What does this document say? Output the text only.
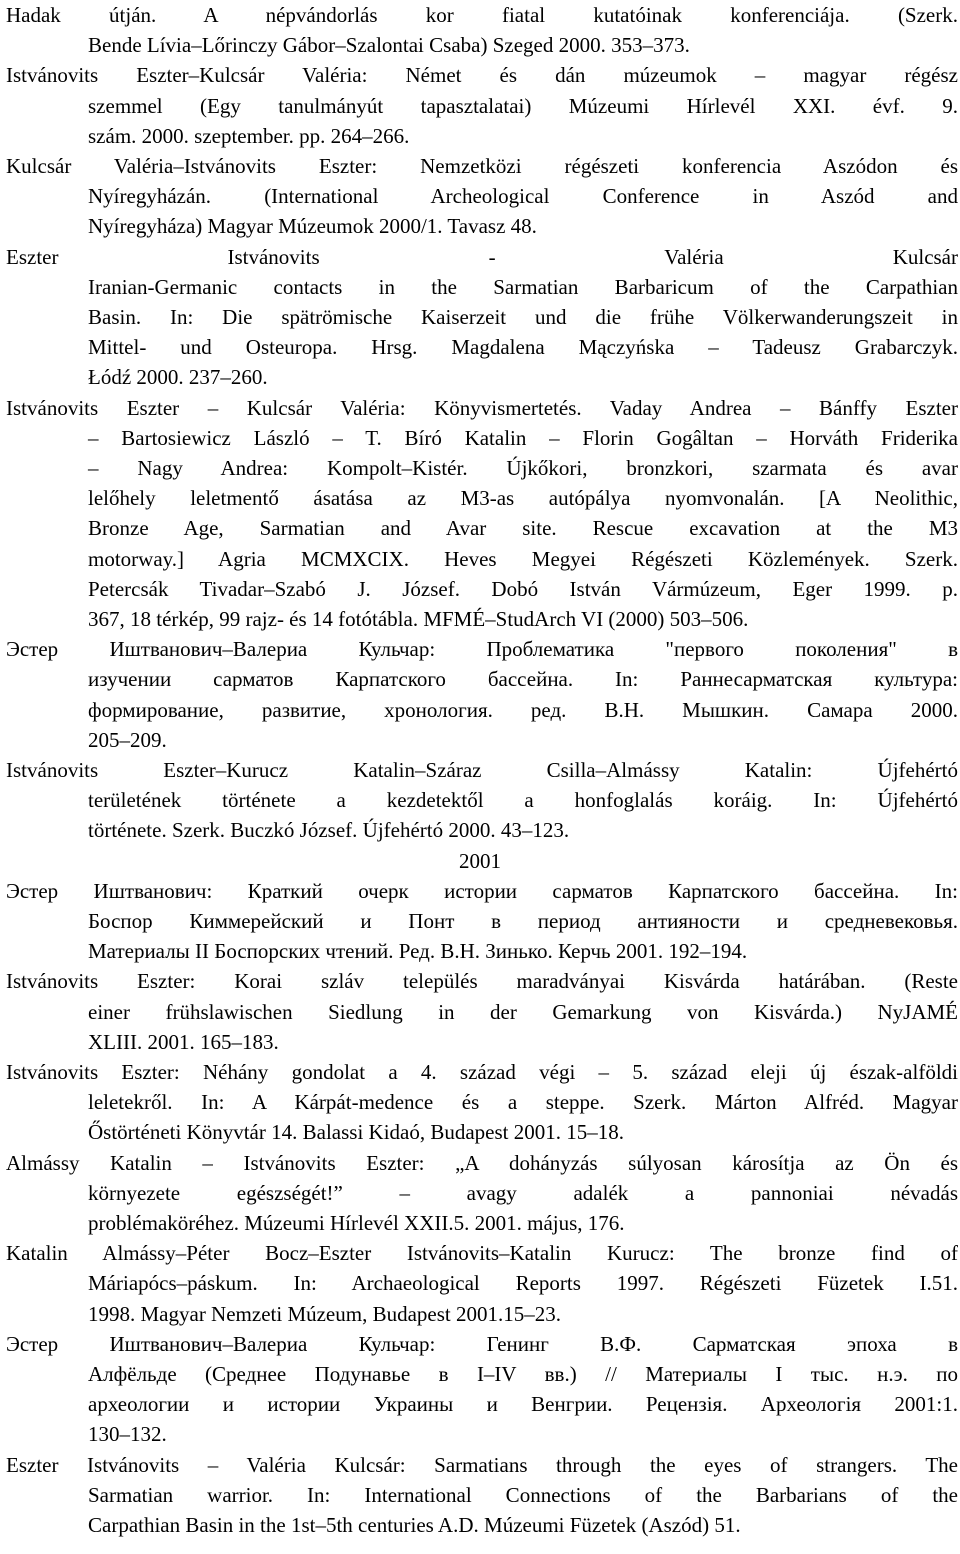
Hadak útján. A népvándorlás kor fiatal kutatóinak konferenciája. (Szerk.
Bende Lívia–Lőrinczy Gábor–Szalontai Csaba) Szeged 2000. 353–373.
Istvánovits Eszter–Kulcsár Valéria: Német és dán múzeumok – magyar régész
szemmel (Egy tanulmányút tapasztalatai) Múzeumi Hírlevél XXI. évf. 9.
szám. 2000. szeptember. pp. 264–266.
Kulcsár Valéria–Istvánovits Eszter: Nemzetközi régészeti konferencia Aszódon és
Nyíregyházán. (International Archeological Conference in Aszód and
Nyíregyháza) Magyar Múzeumok 2000/1. Tavasz 48.
Eszter Istvánovits - Valéria Kulcsár
Iranian-Germanic contacts in the Sarmatian Barbaricum of the Carpathian
Basin. In: Die spätrömische Kaiserzeit und die frühe Völkerwanderungszeit in
Mittel- und Osteuropa. Hrsg. Magdalena Mączyńska – Tadeusz Grabarczyk.
Łódź 2000. 237–260.
Istvánovits Eszter – Kulcsár Valéria: Könyvismertetés. Vaday Andrea – Bánffy Eszter
– Bartosiewicz László – T. Bíró Katalin – Florin Gogâltan – Horváth Friderika
– Nagy Andrea: Kompolt–Kistér. Újkőkori, bronzkori, szarmata és avar
lelőhely leletmentő ásatása az M3-as autópálya nyomvonalán. [A Neolithic,
Bronze Age, Sarmatian and Avar site. Rescue excavation at the M3
motorway.] Agria MCMXCIX. Heves Megyei Régészeti Közlemények. Szerk.
Petercsák Tivadar–Szabó J. József. Dobó István Vármúzeum, Eger 1999. p.
367, 18 térkép, 99 rajz- és 14 fotótábla. MFMÉ–StudArch VI (2000) 503–506.
Эстер Иштванович–Валериа Кульчар: Проблематика "первого поколения" в
изучении сарматов Карпатского бассейна. In: Раннесарматская культура:
формирование, развитие, хронология. ред. В.Н. Мышкин. Самара 2000.
205–209.
Istvánovits Eszter–Kurucz Katalin–Száraz Csilla–Almássy Katalin: Újfehértó
területének története a kezdetektől a honfoglalás koráig. In: Újfehértó
története. Szerk. Buczkó József. Újfehértó 2000. 43–123.
Эстер Иштванович: Краткий очерк истории сарматов Карпатского бассейна. In:
Боспор Киммерейский и Понт в период антияности и средневековья.
Материалы II Боспорских чтений. Ред. В.Н. Зинько. Керчь 2001. 192–194.
Istvánovits Eszter: Korai szláv település maradványai Kisvárda határában. (Reste
einer frühslawischen Siedlung in der Gemarkung von Kisvárda.) NyJAMÉ
XLIII. 2001. 165–183.
Istvánovits Eszter: Néhány gondolat a 4. század végi – 5. század eleji új észak-alföldi
leletekről. In: A Kárpát-medence és a steppe. Szerk. Márton Alfréd. Magyar
Őstörténeti Könyvtár 14. Balassi Kidaó, Budapest 2001. 15–18.
Almássy Katalin – Istvánovits Eszter: „A dohányzás súlyosan károsítja az Ön és
környezete egészségét!” – avagy adalék a pannoniai névadás
problémaköréhez. Múzeumi Hírlevél XXII.5. 2001. május, 176.
Katalin Almássy–Péter Bocz–Eszter Istvánovits–Katalin Kurucz: The bronze find of
Máriapócs–páskum. In: Archaeological Reports 1997. Régészeti Füzetek I.51.
1998. Magyar Nemzeti Múzeum, Budapest 2001.15–23.
Эстер Иштванович–Валериа Кульчар: Генинг В.Ф. Сарматская эпоха в
Алфёльде (Среднее Подунавье в I–IV вв.) // Материалы I тыс. н.э. по
археологии и истории Украины и Венгрии. Рецензія. Археологія 2001:1.
130–132.
Eszter Istvánovits – Valéria Kulcsár: Sarmatians through the eyes of strangers. The
Sarmatian warrior. In: International Connections of the Barbarians of the
Carpathian Basin in the 1st–5th centuries A.D. Múzeumi Füzetek (Aszód) 51.
2001
